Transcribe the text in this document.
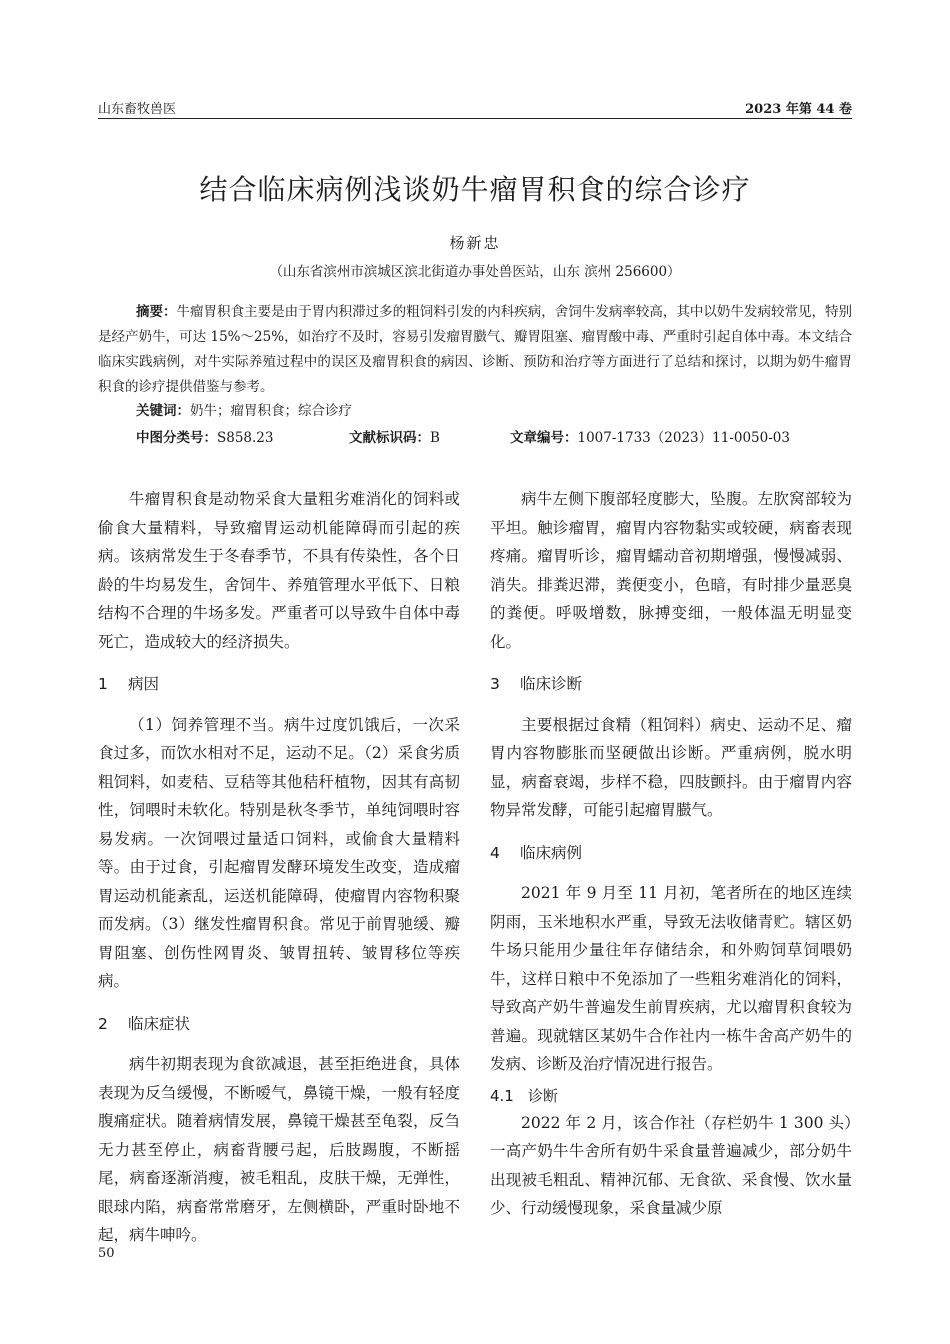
山东畜牧兽医	2023 年第 44 卷
结合临床病例浅谈奶牛瘤胃积食的综合诊疗
杨新忠
（山东省滨州市滨城区滨北街道办事处兽医站，山东 滨州 256600）

摘要：牛瘤胃积食主要是由于胃内积滞过多的粗饲料引发的内科疾病，舍饲牛发病率较高，其中以奶牛发病较常见，特别是经产奶牛，可达 15%～25%，如治疗不及时，容易引发瘤胃臌气、瓣胃阻塞、瘤胃酸中毒、严重时引起自体中毒。本文结合临床实践病例，对牛实际养殖过程中的误区及瘤胃积食的病因、诊断、预防和治疗等方面进行了总结和探讨，以期为奶牛瘤胃积食的诊疗提供借鉴与参考。

关键词：奶牛；瘤胃积食；综合诊疗
中图分类号：S858.23	文献标识码：B	文章编号：1007-1733（2023）11-0050-03

牛瘤胃积食是动物采食大量粗劣难消化的饲料或偷食大量精料，导致瘤胃运动机能障碍而引起的疾病。该病常发生于冬春季节，不具有传染性，各个日龄的牛均易发生，舍饲牛、养殖管理水平低下、日粮结构不合理的牛场多发。严重者可以导致牛自体中毒死亡，造成较大的经济损失。

1 病因

（1）饲养管理不当。病牛过度饥饿后，一次采食过多，而饮水相对不足，运动不足。（2）采食劣质粗饲料，如麦秸、豆秸等其他秸秆植物，因其有高韧性，饲喂时未软化。特别是秋冬季节，单纯饲喂时容易发病。一次饲喂过量适口饲料，或偷食大量精料等。由于过食，引起瘤胃发酵环境发生改变，造成瘤胃运动机能紊乱，运送机能障碍，使瘤胃内容物积聚而发病。（3）继发性瘤胃积食。常见于前胃驰缓、瓣胃阻塞、创伤性网胃炎、皱胃扭转、皱胃移位等疾病。

2 临床症状

病牛初期表现为食欲减退，甚至拒绝进食，具体表现为反刍缓慢，不断嗳气，鼻镜干燥，一般有轻度腹痛症状。随着病情发展，鼻镜干燥甚至龟裂，反刍无力甚至停止，病畜背腰弓起，后肢踢腹，不断摇尾，病畜逐渐消瘦，被毛粗乱，皮肤干燥，无弹性，眼球内陷，病畜常常磨牙，左侧横卧，严重时卧地不起，病牛呻吟。

病牛左侧下腹部轻度膨大，坠腹。左肷窝部较为平坦。触诊瘤胃，瘤胃内容物黏实或较硬，病畜表现疼痛。瘤胃听诊，瘤胃蠕动音初期增强，慢慢减弱、消失。排粪迟滞，粪便变小，色暗，有时排少量恶臭的粪便。呼吸增数，脉搏变细，一般体温无明显变化。

3 临床诊断

主要根据过食精（粗饲料）病史、运动不足、瘤胃内容物膨胀而坚硬做出诊断。严重病例，脱水明显，病畜衰竭，步样不稳，四肢颤抖。由于瘤胃内容物异常发酵，可能引起瘤胃臌气。

4 临床病例

2021 年 9 月至 11 月初，笔者所在的地区连续阴雨，玉米地积水严重，导致无法收储青贮。辖区奶牛场只能用少量往年存储结余，和外购饲草饲喂奶牛，这样日粮中不免添加了一些粗劣难消化的饲料，导致高产奶牛普遍发生前胃疾病，尤以瘤胃积食较为普遍。现就辖区某奶牛合作社内一栋牛舍高产奶牛的发病、诊断及治疗情况进行报告。

4.1 诊断

2022 年 2 月，该合作社（存栏奶牛 1 300 头）一高产奶牛牛舍所有奶牛采食量普遍减少，部分奶牛出现被毛粗乱、精神沉郁、无食欲、采食慢、饮水量少、行动缓慢现象，采食量减少原

50
